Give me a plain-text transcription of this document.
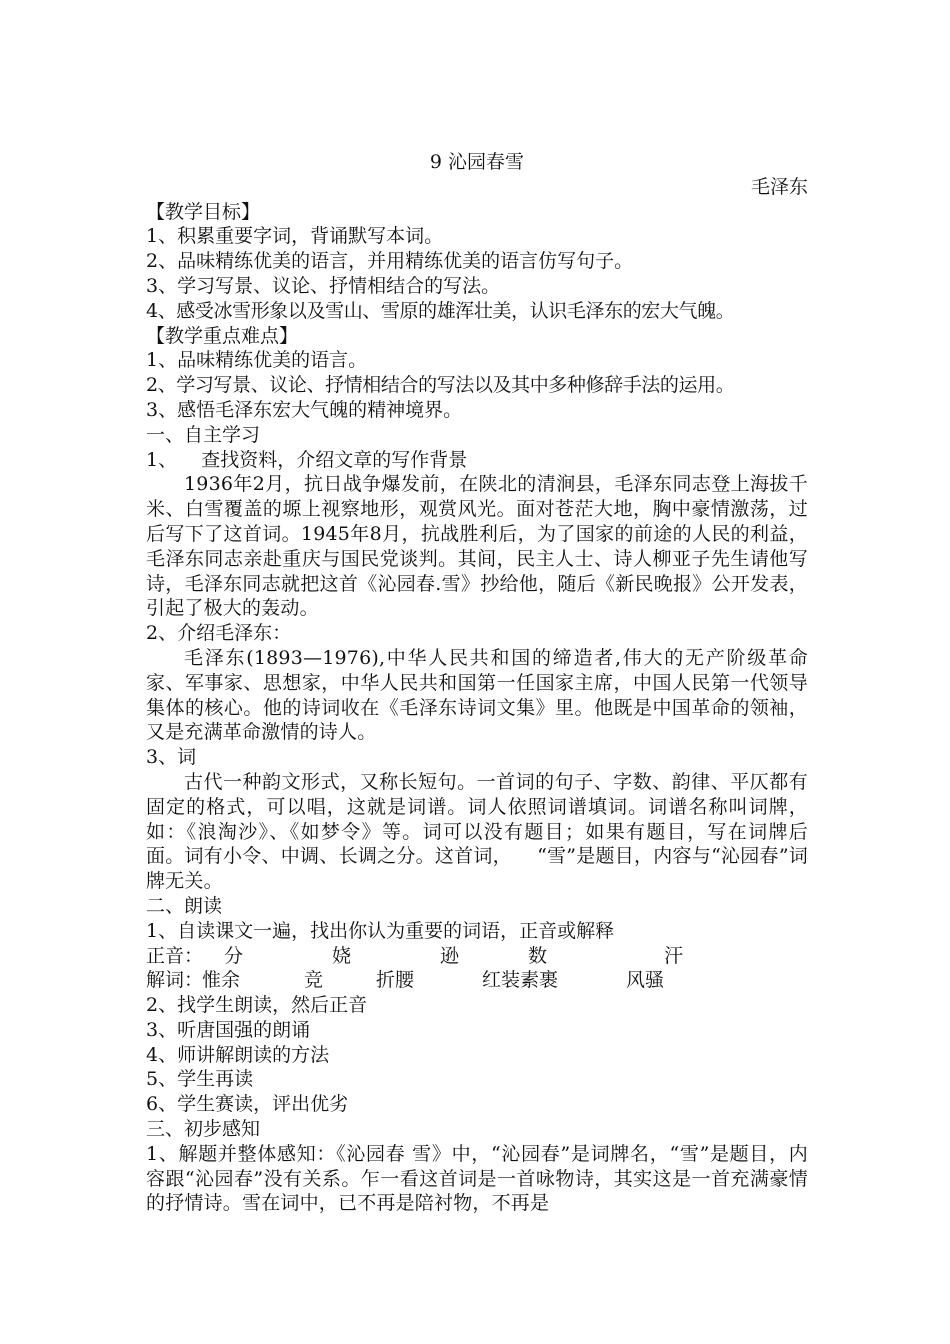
9 沁园春雪
毛泽东
【教学目标】
1、积累重要字词，背诵默写本词。
2、品味精练优美的语言，并用精练优美的语言仿写句子。
3、学习写景、议论、抒情相结合的写法。
4、感受冰雪形象以及雪山、雪原的雄浑壮美，认识毛泽东的宏大气魄。
【教学重点难点】
1、品味精练优美的语言。
2、学习写景、议论、抒情相结合的写法以及其中多种修辞手法的运用。
3、感悟毛泽东宏大气魄的精神境界。
一、自主学习
1、    查找资料，介绍文章的写作背景
1936年2月，抗日战争爆发前，在陕北的清涧县，毛泽东同志登上海拔千米、白雪覆盖的塬上视察地形，观赏风光。面对苍茫大地，胸中豪情激荡，过后写下了这首词。1945年8月，抗战胜利后，为了国家的前途的人民的利益，毛泽东同志亲赴重庆与国民党谈判。其间，民主人士、诗人柳亚子先生请他写诗，毛泽东同志就把这首《沁园春.雪》抄给他，随后《新民晚报》公开发表，引起了极大的轰动。
2、介绍毛泽东：
毛泽东(1893—1976),中华人民共和国的缔造者,伟大的无产阶级革命家、军事家、思想家，中华人民共和国第一任国家主席，中国人民第一代领导集体的核心。他的诗词收在《毛泽东诗词文集》里。他既是中国革命的领袖，又是充满革命激情的诗人。
3、词
古代一种韵文形式，又称长短句。一首词的句子、字数、韵律、平仄都有固定的格式，可以唱，这就是词谱。词人依照词谱填词。词谱名称叫词牌，如：《浪淘沙》、《如梦令》等。词可以没有题目；如果有题目，写在词牌后面。词有小令、中调、长调之分。这首词，    “雪”是题目，内容与“沁园春”词牌无关。
二、朗读
1、自读课文一遍，找出你认为重要的词语，正音或解释
正音： 分	娆	逊	数	汗
解词：
惟余	竞	折腰	红装素裹	风骚
2、找学生朗读，然后正音
3、听唐国强的朗诵
4、师讲解朗读的方法
5、学生再读
6、学生赛读，评出优劣
三、初步感知
1、解题并整体感知：《沁园春 雪》中，“沁园春”是词牌名，“雪”是题目，内容跟“沁园春”没有关系。乍一看这首词是一首咏物诗，其实这是一首充满豪情的抒情诗。雪在词中，已不再是陪衬物，不再是
